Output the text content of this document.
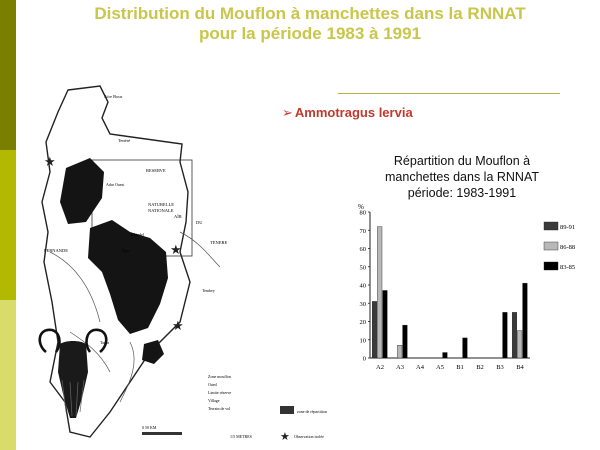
Distribution du Mouflon à manchettes dans la RNNAT
pour la période 1983 à 1991
➢ Ammotragus lervia
Répartition du Mouflon à
manchettes dans la RNNAT
période: 1983-1991
★
★
★
Aïre Bous
Tenéré
RESERVE
NATURELLE
NATIONALE
AÏR
DU
TENERE
FERNANDE
Tchindel
Eger
Tembey
Adar Ouest
Tarka
Zone mouflon
Oued
Limite réserve
Village
Terrain de vol
zone de répartition
★ Observation isolée
0 50 KM
1/5 METRES
%
0
10
20
30
40
50
60
70
80
A2 A3 A4 A5 B1 B2 B3 B4
89-91
86-88
83-85
